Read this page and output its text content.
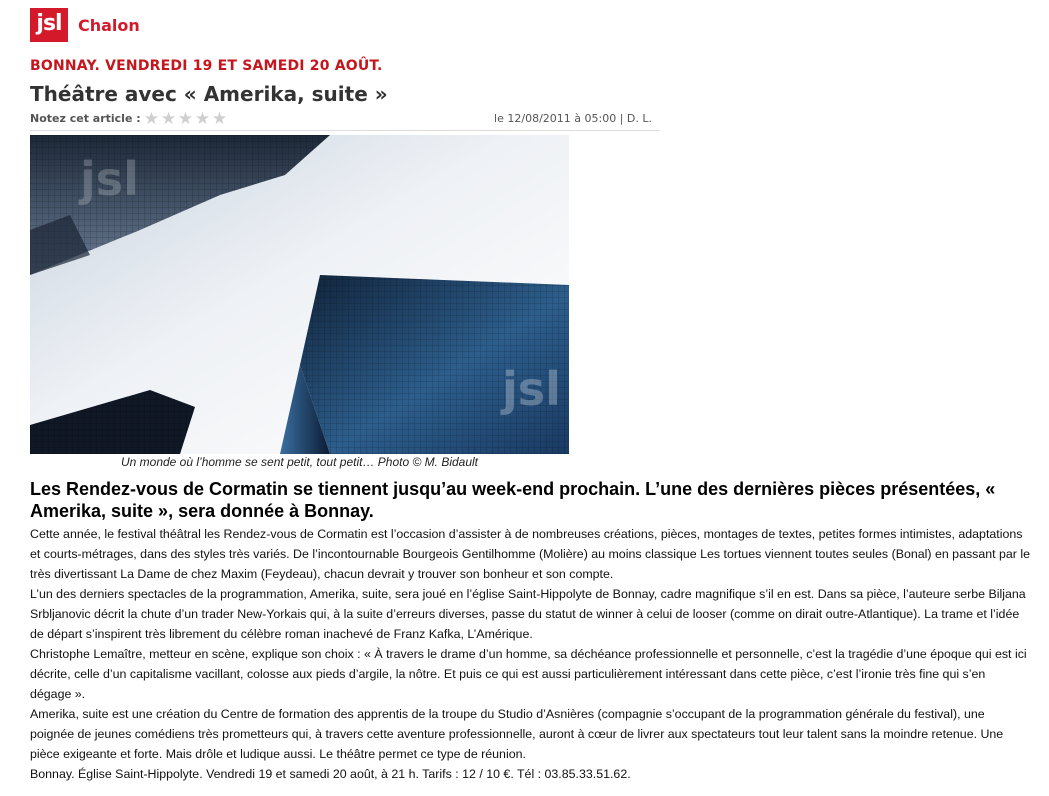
jsl Chalon
BONNAY. VENDREDI 19 ET SAMEDI 20 AOÛT.
Théâtre avec « Amerika, suite »
Notez cet article : ★ ★ ★ ★ ★	le 12/08/2011 à 05:00 | D. L.
jsl
jsl
Un monde où l’homme se sent petit, tout petit… Photo © M. Bidault
Les Rendez-vous de Cormatin se tiennent jusqu’au week-end prochain. L’une des dernières pièces présentées, « Amerika, suite », sera donnée à Bonnay.

Cette année, le festival théâtral les Rendez-vous de Cormatin est l’occasion d’assister à de nombreuses créations, pièces, montages de textes, petites formes intimistes, adaptations et courts-métrages, dans des styles très variés. De l’incontournable Bourgeois Gentilhomme (Molière) au moins classique Les tortues viennent toutes seules (Bonal) en passant par le très divertissant La Dame de chez Maxim (Feydeau), chacun devrait y trouver son bonheur et son compte.

L’un des derniers spectacles de la programmation, Amerika, suite, sera joué en l’église Saint-Hippolyte de Bonnay, cadre magnifique s’il en est. Dans sa pièce, l’auteure serbe Biljana Srbljanovic décrit la chute d’un trader New-Yorkais qui, à la suite d’erreurs diverses, passe du statut de winner à celui de looser (comme on dirait outre-Atlantique). La trame et l’idée de départ s’inspirent très librement du célèbre roman inachevé de Franz Kafka, L’Amérique.

Christophe Lemaître, metteur en scène, explique son choix : « À travers le drame d’un homme, sa déchéance professionnelle et personnelle, c’est la tragédie d’une époque qui est ici décrite, celle d’un capitalisme vacillant, colosse aux pieds d’argile, la nôtre. Et puis ce qui est aussi particulièrement intéressant dans cette pièce, c’est l’ironie très fine qui s’en dégage ».

Amerika, suite est une création du Centre de formation des apprentis de la troupe du Studio d’Asnières (compagnie s’occupant de la programmation générale du festival), une poignée de jeunes comédiens très prometteurs qui, à travers cette aventure professionnelle, auront à cœur de livrer aux spectateurs tout leur talent sans la moindre retenue. Une pièce exigeante et forte. Mais drôle et ludique aussi. Le théâtre permet ce type de réunion.

Bonnay. Église Saint-Hippolyte. Vendredi 19 et samedi 20 août, à 21 h. Tarifs : 12 / 10 €. Tél : 03.85.33.51.62.
